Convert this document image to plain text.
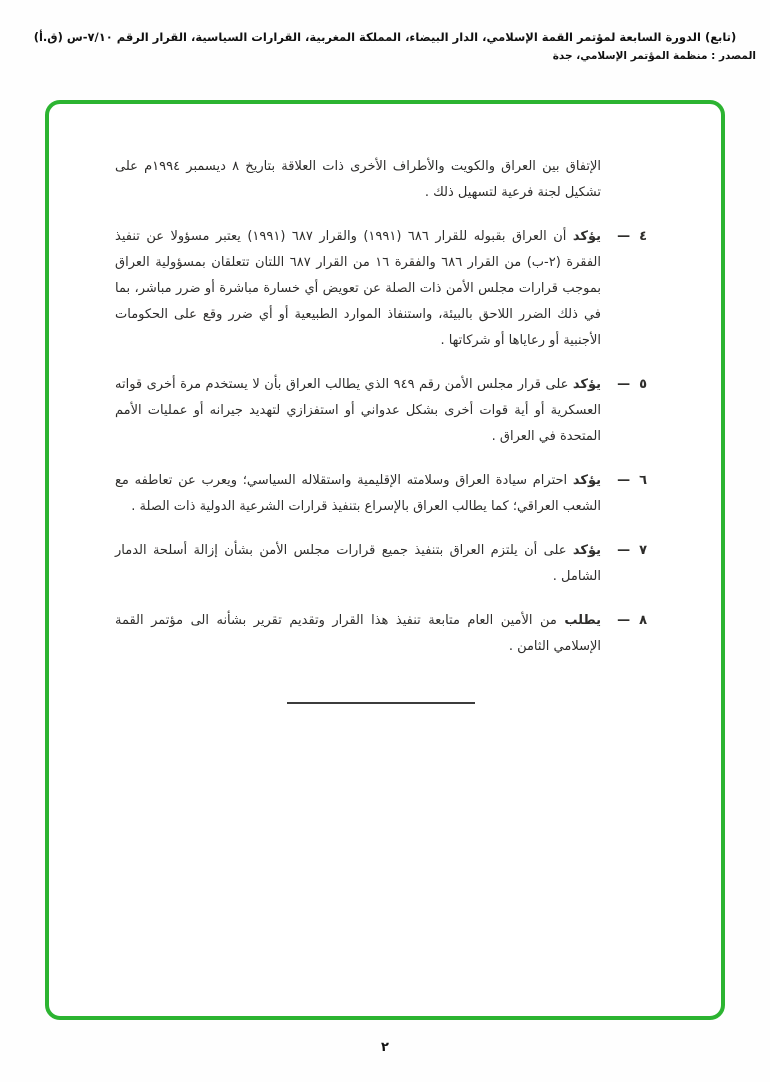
(تابع) الدورة السابعة لمؤتمر القمة الإسلامي، الدار البيضاء، المملكة المغربية، القرارات السياسية، القرار الرقم ٧/١٠-س (ق.أ)
المصدر : منظمة المؤتمر الإسلامي، جدة

الإتفاق بين العراق والكويت والأطراف الأخرى ذات العلاقة بتاريخ ٨ ديسمبر ١٩٩٤م على تشكيل لجنة فرعية لتسهيل ذلك .

٤
—

يؤكد أن العراق بقبوله للقرار ٦٨٦ (١٩٩١) والقرار ٦٨٧ (١٩٩١) يعتبر مسؤولا عن تنفيذ الفقرة (٢-ب) من القرار ٦٨٦ والفقرة ١٦ من القرار ٦٨٧ اللتان تتعلقان بمسؤولية العراق بموجب قرارات مجلس الأمن ذات الصلة عن تعويض أي خسارة مباشرة أو ضرر مباشر، بما في ذلك الضرر اللاحق بالبيئة، واستنفاذ الموارد الطبيعية أو أي ضرر وقع على الحكومات الأجنبية أو رعاياها أو شركاتها .

٥
—

يؤكد على قرار مجلس الأمن رقم ٩٤٩ الذي يطالب العراق بأن لا يستخدم مرة أخرى قواته العسكرية أو أية قوات أخرى بشكل عدواني أو استفزازي لتهديد جيرانه أو عمليات الأمم المتحدة في العراق .

٦
—

يؤكد احترام سيادة العراق وسلامته الإقليمية واستقلاله السياسي؛ ويعرب عن تعاطفه مع الشعب العراقي؛ كما يطالب العراق بالإسراع بتنفيذ قرارات الشرعية الدولية ذات الصلة .

٧
—

يؤكد على أن يلتزم العراق بتنفيذ جميع قرارات مجلس الأمن بشأن إزالة أسلحة الدمار الشامل .

٨
—

يطلب من الأمين العام متابعة تنفيذ هذا القرار وتقديم تقرير بشأنه الى مؤتمر القمة الإسلامي الثامن .

٢
